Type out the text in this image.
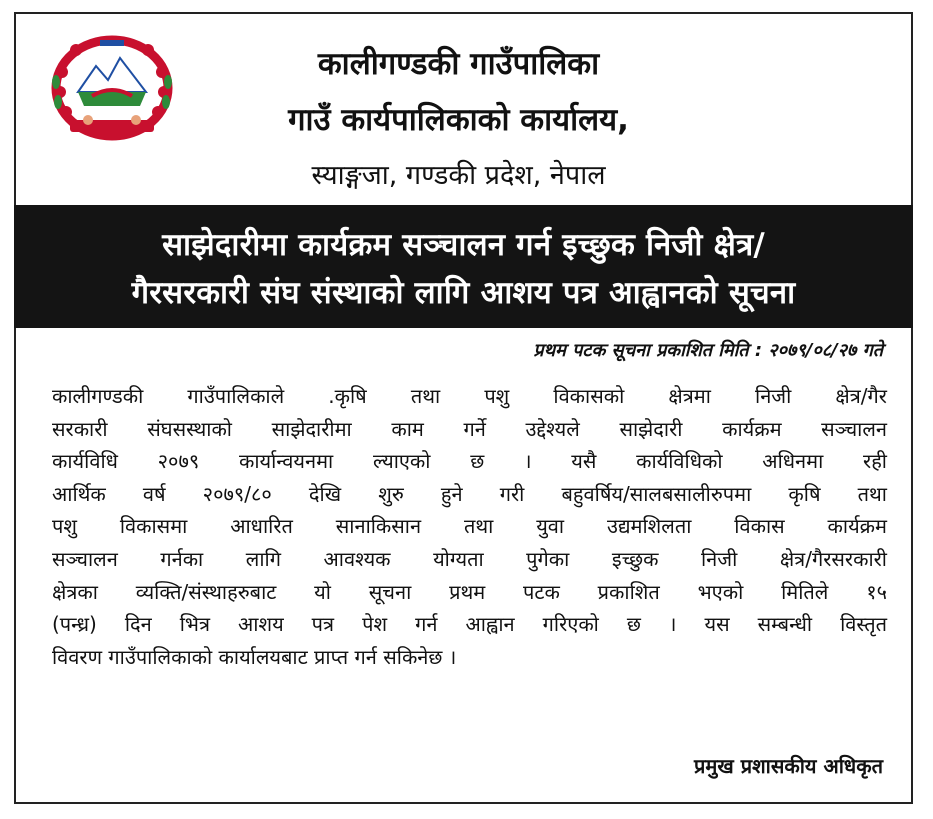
कालीगण्डकी गाउँपालिका
गाउँ कार्यपालिकाको कार्यालय,
स्याङ्गजा, गण्डकी प्रदेश, नेपाल
साझेदारीमा कार्यक्रम सञ्चालन गर्न इच्छुक निजी क्षेत्र/
गैरसरकारी संघ संस्थाको लागि आशय पत्र आह्वानको सूचना
प्रथम पटक सूचना प्रकाशित मिति : २०७९/०८/२७ गते
कालीगण्डकी गाउँपालिकाले .कृषि तथा पशु विकासको क्षेत्रमा निजी क्षेत्र/गैर
सरकारी संघसस्थाको साझेदारीमा काम गर्ने उद्देश्यले साझेदारी कार्यक्रम सञ्चालन
कार्यविधि २०७९ कार्यान्वयनमा ल्याएको छ । यसै कार्यविधिको अधिनमा रही
आर्थिक वर्ष २०७९/८० देखि शुरु हुने गरी बहुवर्षिय/सालबसालीरुपमा कृषि तथा
पशु विकासमा आधारित सानाकिसान तथा युवा उद्यमशिलता विकास कार्यक्रम
सञ्चालन गर्नका लागि आवश्यक योग्यता पुगेका इच्छुक निजी क्षेत्र/गैरसरकारी
क्षेत्रका व्यक्ति/संस्थाहरुबाट यो सूचना प्रथम पटक प्रकाशित भएको मितिले १५
(पन्ध्र) दिन भित्र आशय पत्र पेश गर्न आह्वान गरिएको छ । यस सम्बन्धी विस्तृत
विवरण गाउँपालिकाको कार्यालयबाट प्राप्त गर्न सकिनेछ ।
प्रमुख प्रशासकीय अधिकृत
